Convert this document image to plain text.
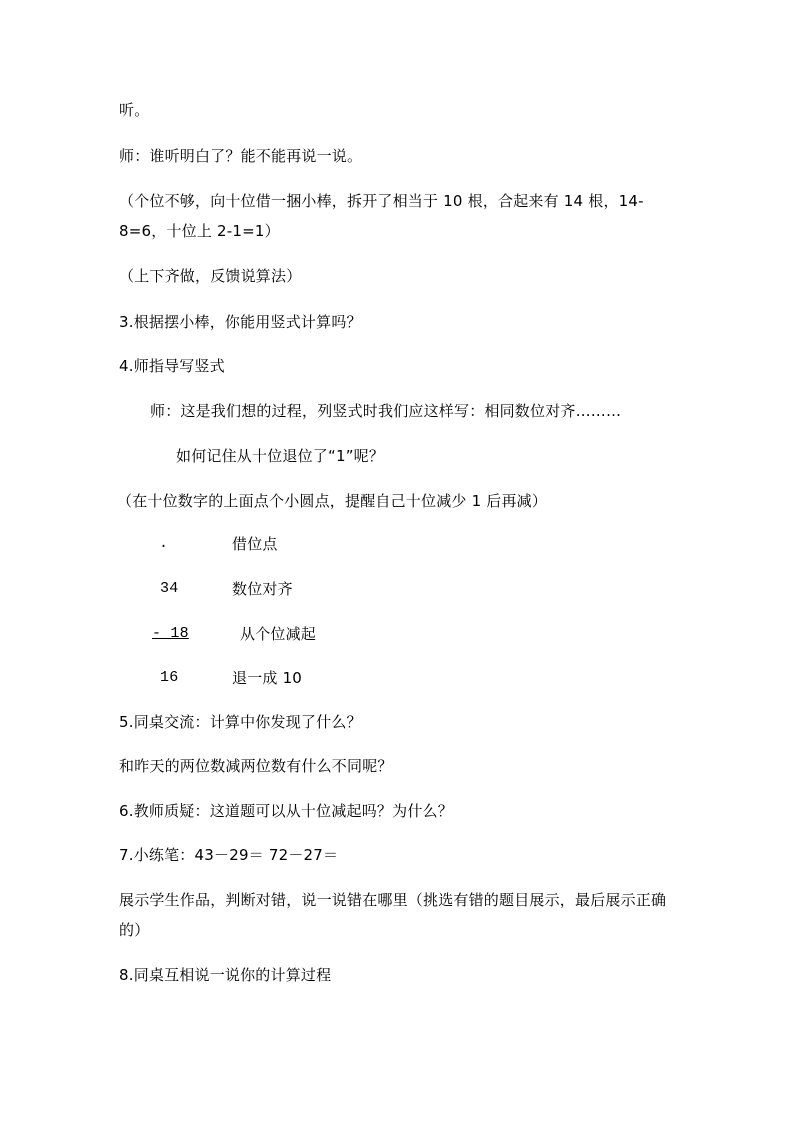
听。
师：谁听明白了？能不能再说一说。
（个位不够，向十位借一捆小棒，拆开了相当于 10 根，合起来有 14 根，14-8=6，十位上 2-1=1）
（上下齐做，反馈说算法）
3.根据摆小棒，你能用竖式计算吗？
4.师指导写竖式
师：这是我们想的过程，列竖式时我们应这样写：相同数位对齐………
如何记住从十位退位了“1”呢？
（在十位数字的上面点个小圆点，提醒自己十位减少 1 后再减）
.	借位点
34	数位对齐
- 18	从个位减起
16	退一成 10
5.同桌交流：计算中你发现了什么？
和昨天的两位数减两位数有什么不同呢？
6.教师质疑：这道题可以从十位减起吗？为什么？
7.小练笔：43－29＝ 72－27＝
展示学生作品，判断对错，说一说错在哪里（挑选有错的题目展示，最后展示正确的）
8.同桌互相说一说你的计算过程
